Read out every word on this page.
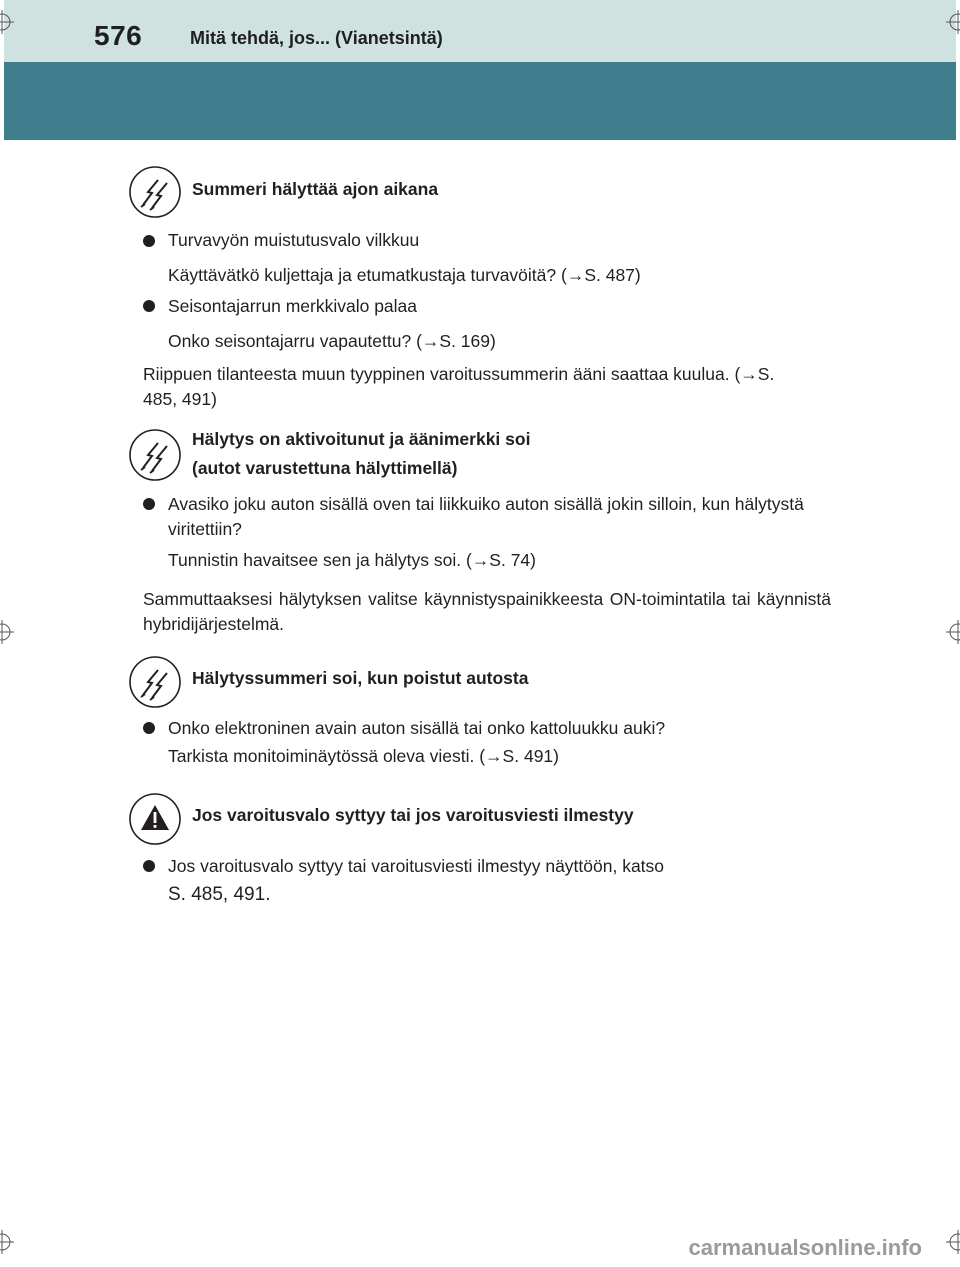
576	Mitä tehdä, jos... (Vianetsintä)
Summeri hälyttää ajon aikana
Turvavyön muistutusvalo vilkkuu
Käyttävätkö kuljettaja ja etumatkustaja turvavöitä? (→S. 487)
Seisontajarrun merkkivalo palaa
Onko seisontajarru vapautettu? (→S. 169)
Riippuen tilanteesta muun tyyppinen varoitussummerin ääni saattaa kuulua. (→S. 485, 491)
Hälytys on aktivoitunut ja äänimerkki soi
(autot varustettuna hälyttimellä)
Avasiko joku auton sisällä oven tai liikkuiko auton sisällä jokin silloin, kun hälytystä viritettiin?
Tunnistin havaitsee sen ja hälytys soi. (→S. 74)
Sammuttaaksesi hälytyksen valitse käynnistyspainikkeesta ON-toimintatila tai käynnistä hybridijärjestelmä.
Hälytyssummeri soi, kun poistut autosta
Onko elektroninen avain auton sisällä tai onko kattoluukku auki?
Tarkista monitoiminäytössä oleva viesti. (→S. 491)
Jos varoitusvalo syttyy tai jos varoitusviesti ilmestyy
Jos varoitusvalo syttyy tai varoitusviesti ilmestyy näyttöön, katso
S. 485, 491.
carmanualsonline.info
